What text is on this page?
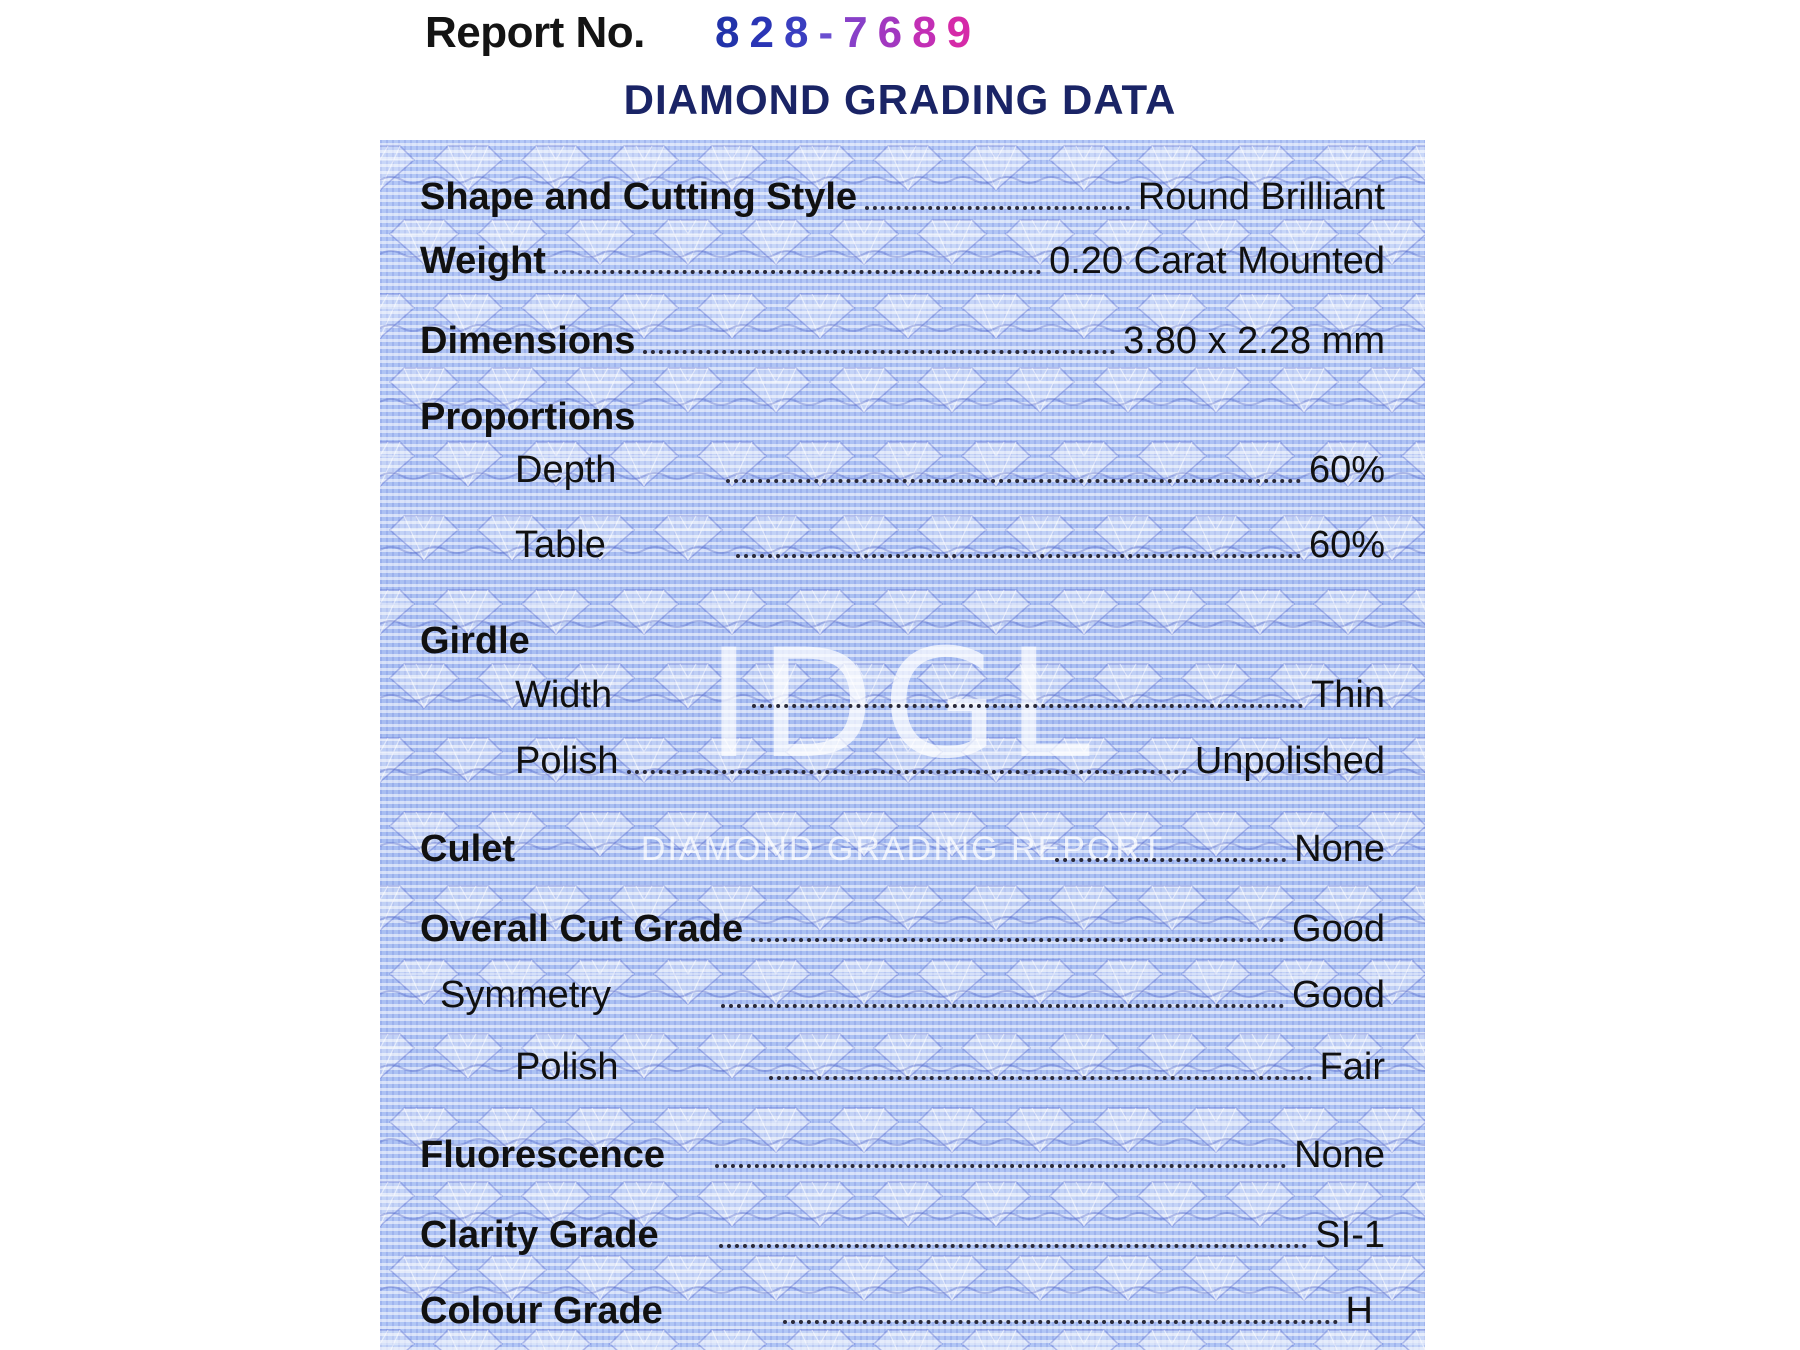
Report No. 8 2 8 - 7 6 8 9
DIAMOND GRADING DATA
IDGL
DIAMOND GRADING REPORT
Shape and Cutting Style	Round Brilliant
Weight	0.20 Carat Mounted
Dimensions	3.80 x 2.28 mm
Proportions
Depth	60%
Table	60%
Girdle
Width	Thin
Polish	Unpolished
Culet	None
Overall Cut Grade	Good
Symmetry	Good
Polish	Fair
Fluorescence	None
Clarity Grade	SI-1
Colour Grade	H
